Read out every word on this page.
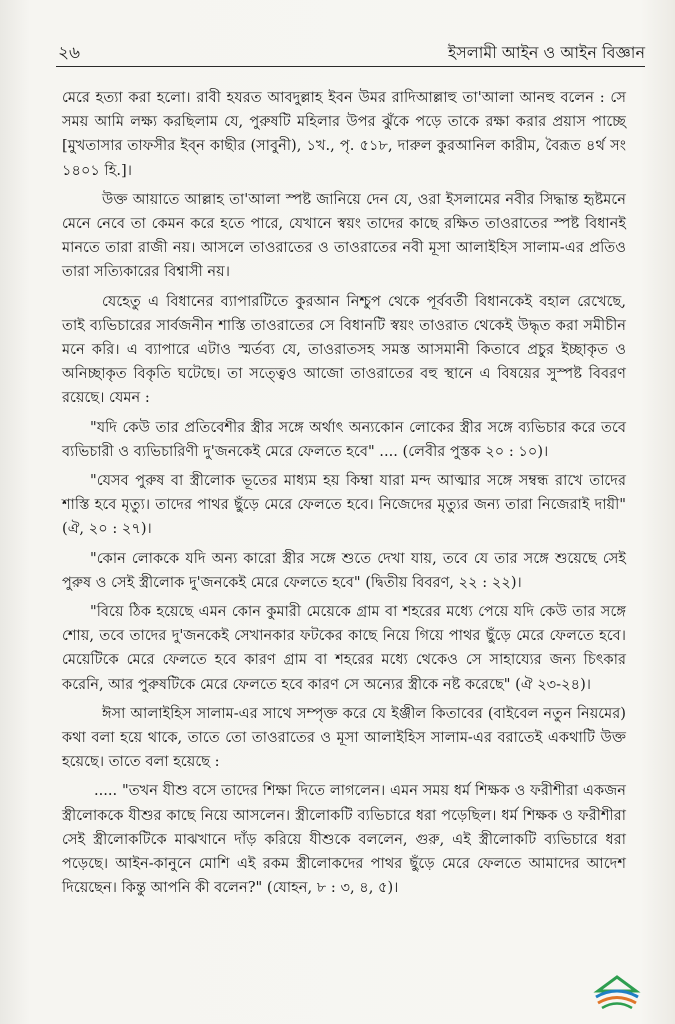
২৬	ইসলামী আইন ও আইন বিজ্ঞান

মেরে হত্যা করা হলো। রাবী হযরত আবদুল্লাহ ইবন উমর রাদিআল্লাহু তা'আলা আনহু বলেন : সে সময় আমি লক্ষ্য করছিলাম যে, পুরুষটি মহিলার উপর ঝুঁকে পড়ে তাকে রক্ষা করার প্রয়াস পাচ্ছে [মুখতাসার তাফসীর ইব্‌ন কাছীর (সাবুনী), ১খ., পৃ. ৫১৮, দারুল কুরআনিল কারীম, বৈরূত ৪র্থ সং ১৪০১ হি.]।

উক্ত আয়াতে আল্লাহ তা'আলা স্পষ্ট জানিয়ে দেন যে, ওরা ইসলামের নবীর সিদ্ধান্ত হৃষ্টমনে মেনে নেবে তা কেমন করে হতে পারে, যেখানে স্বয়ং তাদের কাছে রক্ষিত তাওরাতের স্পষ্ট বিধানই মানতে তারা রাজী নয়। আসলে তাওরাতের ও তাওরাতের নবী মূসা আলাইহিস সালাম-এর প্রতিও তারা সত্যিকারের বিশ্বাসী নয়।

যেহেতু এ বিধানের ব্যাপারটিতে কুরআন নিশ্চুপ থেকে পূর্ববর্তী বিধানকেই বহাল রেখেছে, তাই ব্যভিচারের সার্বজনীন শাস্তি তাওরাতের সে বিধানটি স্বয়ং তাওরাত থেকেই উদ্ধৃত করা সমীচীন মনে করি। এ ব্যাপারে এটাও স্মর্তব্য যে, তাওরাতসহ সমস্ত আসমানী কিতাবে প্রচুর ইচ্ছাকৃত ও অনিচ্ছাকৃত বিকৃতি ঘটেছে। তা সত্ত্বেও আজো তাওরাতের বহু স্থানে এ বিষয়ের সুস্পষ্ট বিবরণ রয়েছে। যেমন :

"যদি কেউ তার প্রতিবেশীর স্ত্রীর সঙ্গে অর্থাৎ অন্যকোন লোকের স্ত্রীর সঙ্গে ব্যভিচার করে তবে ব্যভিচারী ও ব্যভিচারিণী দু'জনকেই মেরে ফেলতে হবে" .... (লেবীর পুস্তক ২০ : ১০)।

"যেসব পুরুষ বা স্ত্রীলোক ভূতের মাধ্যম হয় কিম্বা যারা মন্দ আত্মার সঙ্গে সম্বন্ধ রাখে তাদের শাস্তি হবে মৃত্যু। তাদের পাথর ছুঁড়ে মেরে ফেলতে হবে। নিজেদের মৃত্যুর জন্য তারা নিজেরাই দায়ী" (ঐ, ২০ : ২৭)।

"কোন লোককে যদি অন্য কারো স্ত্রীর সঙ্গে শুতে দেখা যায়, তবে যে তার সঙ্গে শুয়েছে সেই পুরুষ ও সেই স্ত্রীলোক দু'জনকেই মেরে ফেলতে হবে" (দ্বিতীয় বিবরণ, ২২ : ২২)।

"বিয়ে ঠিক হয়েছে এমন কোন কুমারী মেয়েকে গ্রাম বা শহরের মধ্যে পেয়ে যদি কেউ তার সঙ্গে শোয়, তবে তাদের দু'জনকেই সেখানকার ফটকের কাছে নিয়ে গিয়ে পাথর ছুঁড়ে মেরে ফেলতে হবে। মেয়েটিকে মেরে ফেলতে হবে কারণ গ্রাম বা শহরের মধ্যে থেকেও সে সাহায্যের জন্য চিৎকার করেনি, আর পুরুষটিকে মেরে ফেলতে হবে কারণ সে অন্যের স্ত্রীকে নষ্ট করেছে" (ঐ ২৩-২৪)।

ঈসা আলাইহিস সালাম-এর সাথে সম্পৃক্ত করে যে ইঞ্জীল কিতাবের (বাইবেল নতুন নিয়মের) কথা বলা হয়ে থাকে, তাতে তো তাওরাতের ও মূসা আলাইহিস সালাম-এর বরাতেই একথাটি উক্ত হয়েছে। তাতে বলা হয়েছে :

..... "তখন যীশু বসে তাদের শিক্ষা দিতে লাগলেন। এমন সময় ধর্ম শিক্ষক ও ফরীশীরা একজন স্ত্রীলোককে যীশুর কাছে নিয়ে আসলেন। স্ত্রীলোকটি ব্যভিচারে ধরা পড়েছিল। ধর্ম শিক্ষক ও ফরীশীরা সেই স্ত্রীলোকটিকে মাঝখানে দাঁড় করিয়ে যীশুকে বললেন, গুরু, এই স্ত্রীলোকটি ব্যভিচারে ধরা পড়েছে। আইন-কানুনে মোশি এই রকম স্ত্রীলোকদের পাথর ছুঁড়ে মেরে ফেলতে আমাদের আদেশ দিয়েছেন। কিন্তু আপনি কী বলেন?" (যোহন, ৮ : ৩, ৪, ৫)।
